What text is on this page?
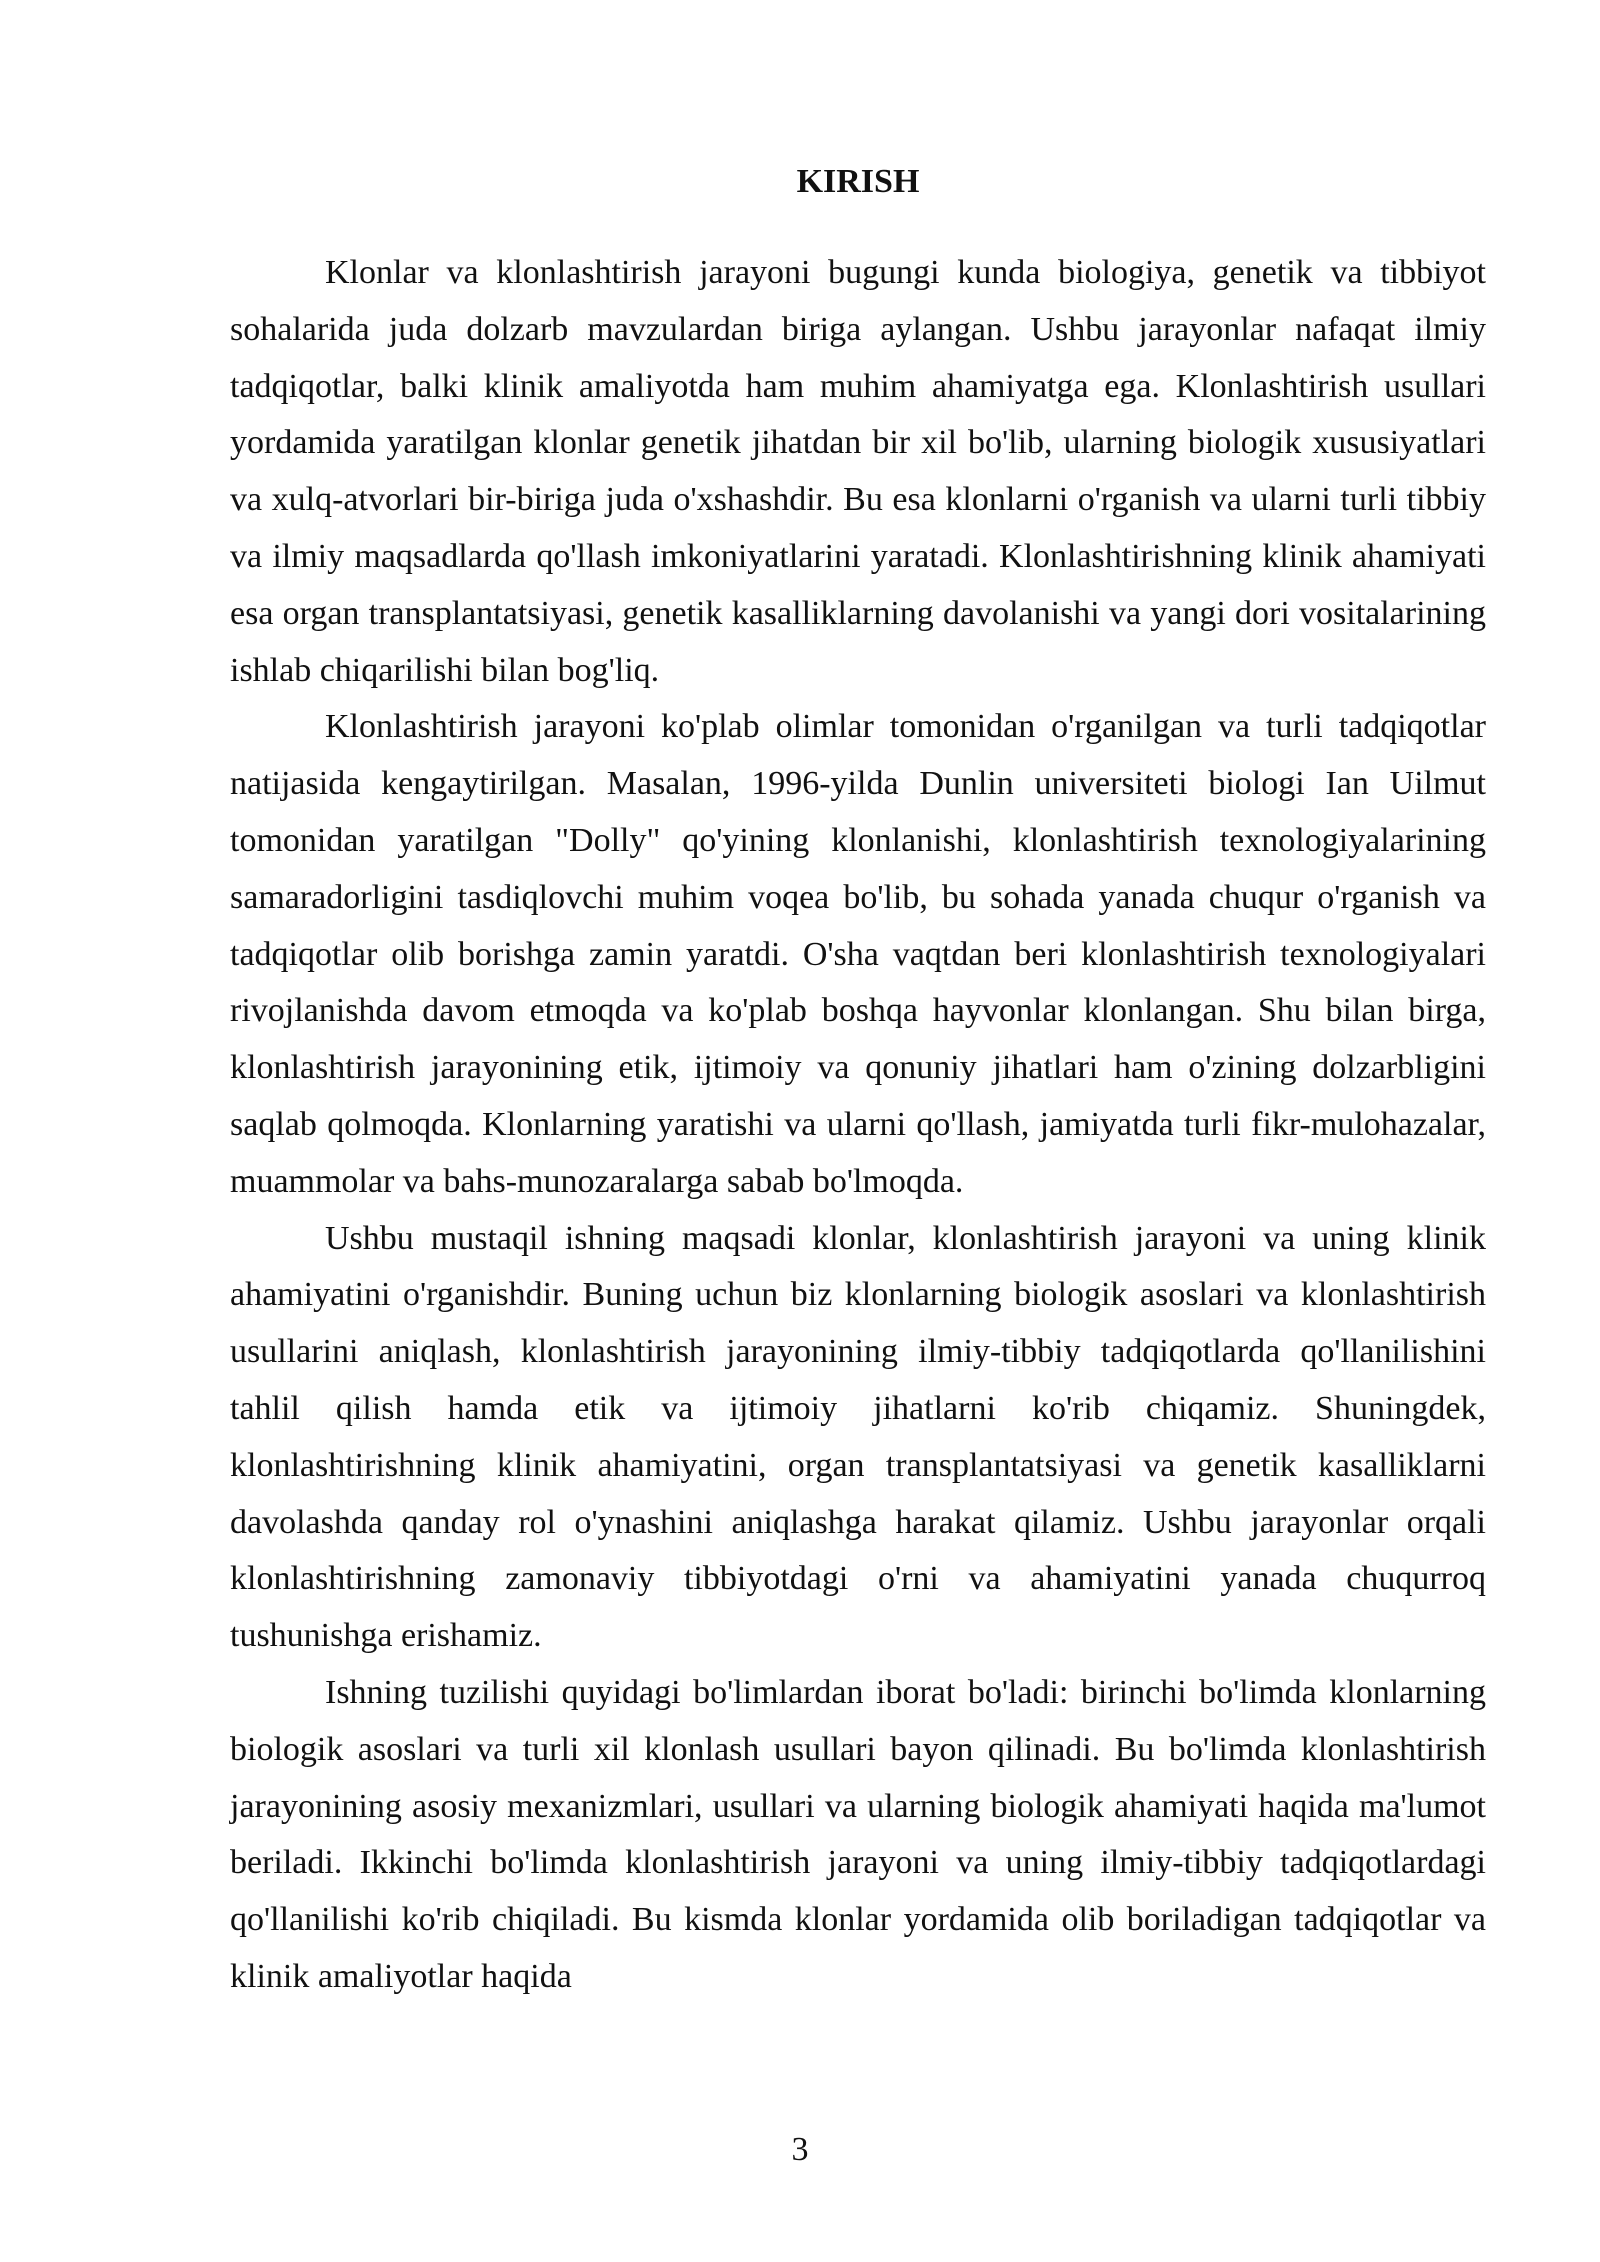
KIRISH

Klonlar va klonlashtirish jarayoni bugungi kunda biologiya, genetik va tibbiyot sohalarida juda dolzarb mavzulardan biriga aylangan. Ushbu jarayonlar nafaqat ilmiy tadqiqotlar, balki klinik amaliyotda ham muhim ahamiyatga ega. Klonlashtirish usullari yordamida yaratilgan klonlar genetik jihatdan bir xil bo'lib, ularning biologik xususiyatlari va xulq-atvorlari bir-biriga juda o'xshashdir. Bu esa klonlarni o'rganish va ularni turli tibbiy va ilmiy maqsadlarda qo'llash imkoniyatlarini yaratadi. Klonlashtirishning klinik ahamiyati esa organ transplantatsiyasi, genetik kasalliklarning davolanishi va yangi dori vositalarining ishlab chiqarilishi bilan bog'liq.

Klonlashtirish jarayoni ko'plab olimlar tomonidan o'rganilgan va turli tadqiqotlar natijasida kengaytirilgan. Masalan, 1996-yilda Dunlin universiteti biologi Ian Uilmut tomonidan yaratilgan "Dolly" qo'yining klonlanishi, klonlashtirish texnologiyalarining samaradorligini tasdiqlovchi muhim voqea bo'lib, bu sohada yanada chuqur o'rganish va tadqiqotlar olib borishga zamin yaratdi. O'sha vaqtdan beri klonlashtirish texnologiyalari rivojlanishda davom etmoqda va ko'plab boshqa hayvonlar klonlangan. Shu bilan birga, klonlashtirish jarayonining etik, ijtimoiy va qonuniy jihatlari ham o'zining dolzarbligini saqlab qolmoqda. Klonlarning yaratishi va ularni qo'llash, jamiyatda turli fikr-mulohazalar, muammolar va bahs-munozaralarga sabab bo'lmoqda.

Ushbu mustaqil ishning maqsadi klonlar, klonlashtirish jarayoni va uning klinik ahamiyatini o'rganishdir. Buning uchun biz klonlarning biologik asoslari va klonlashtirish usullarini aniqlash, klonlashtirish jarayonining ilmiy-tibbiy tadqiqotlarda qo'llanilishini tahlil qilish hamda etik va ijtimoiy jihatlarni ko'rib chiqamiz. Shuningdek, klonlashtirishning klinik ahamiyatini, organ transplantatsiyasi va genetik kasalliklarni davolashda qanday rol o'ynashini aniqlashga harakat qilamiz. Ushbu jarayonlar orqali klonlashtirishning zamonaviy tibbiyotdagi o'rni va ahamiyatini yanada chuqurroq tushunishga erishamiz.

Ishning tuzilishi quyidagi bo'limlardan iborat bo'ladi: birinchi bo'limda klonlarning biologik asoslari va turli xil klonlash usullari bayon qilinadi. Bu bo'limda klonlashtirish jarayonining asosiy mexanizmlari, usullari va ularning biologik ahamiyati haqida ma'lumot beriladi. Ikkinchi bo'limda klonlashtirish jarayoni va uning ilmiy-tibbiy tadqiqotlardagi qo'llanilishi ko'rib chiqiladi. Bu kismda klonlar yordamida olib boriladigan tadqiqotlar va klinik amaliyotlar haqida

3
